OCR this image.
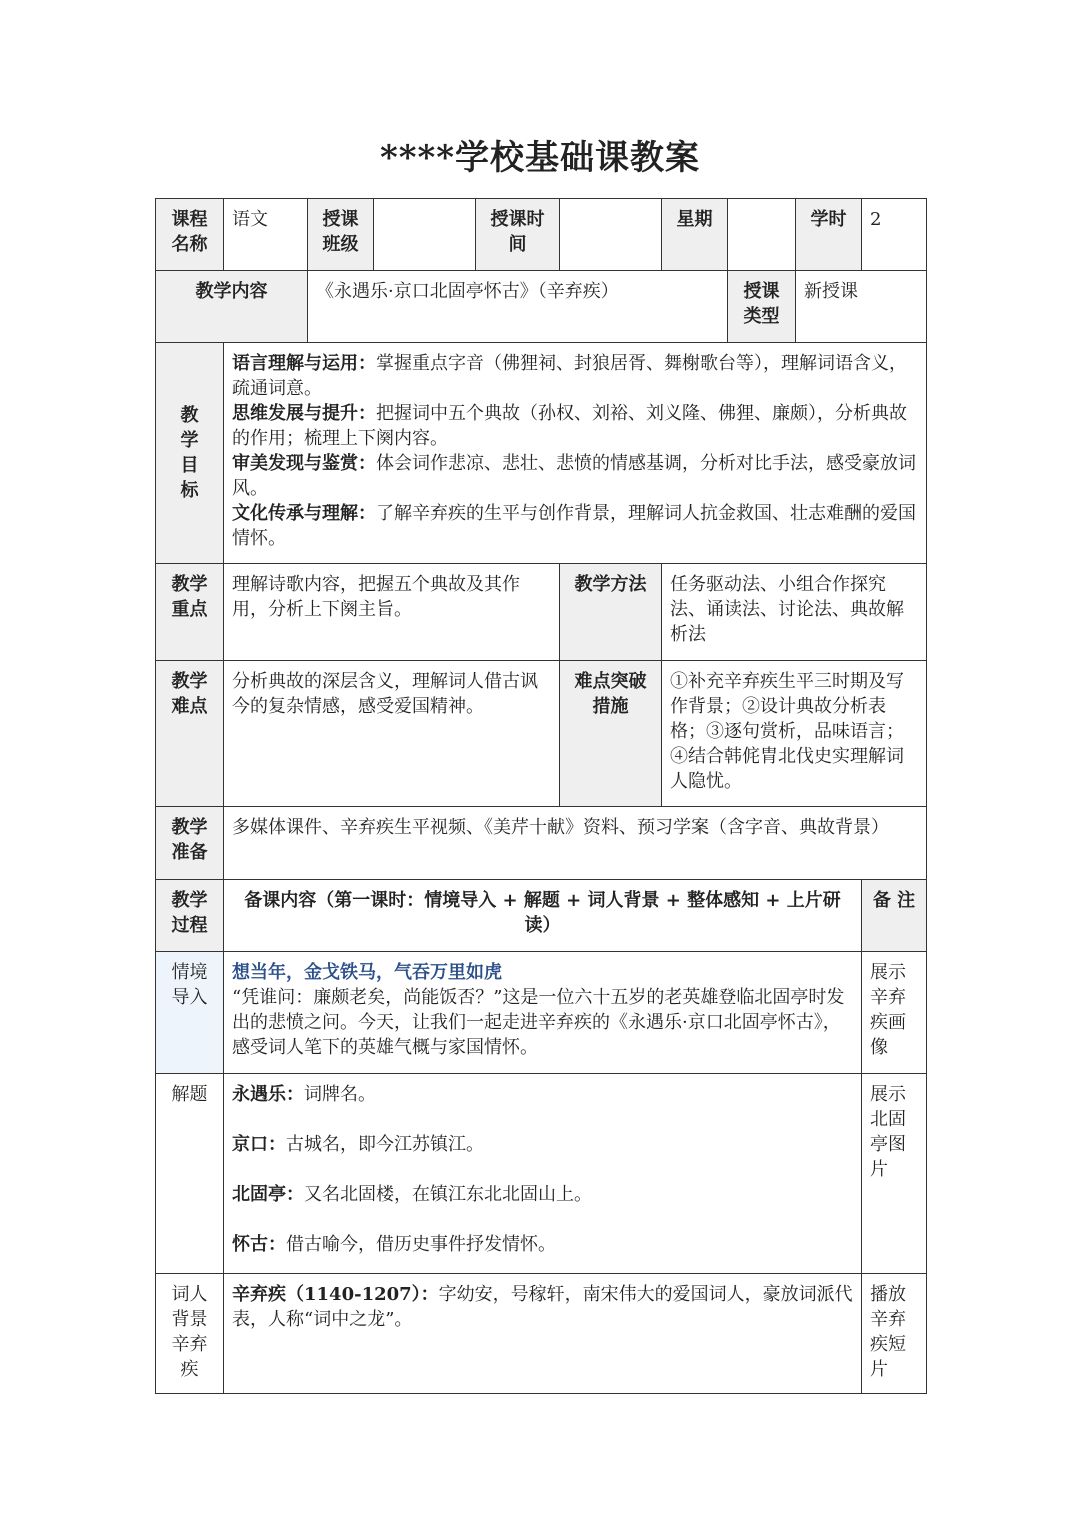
****学校基础课教案
课程名称	语文	授课班级		授课时间		星期		学时	2
教学内容		《永遇乐·京口北固亭怀古》（辛弃疾）					授课类型	新授课	

教学目标	语言理解与运用：掌握重点字音（佛狸祠、封狼居胥、舞榭歌台等），理解词语含义，疏通词意。
思维发展与提升：把握词中五个典故（孙权、刘裕、刘义隆、佛狸、廉颇），分析典故的作用；梳理上下阕内容。
审美发现与鉴赏：体会词作悲凉、悲壮、悲愤的情感基调，分析对比手法，感受豪放词风。
文化传承与理解：了解辛弃疾的生平与创作背景，理解词人抗金救国、壮志难酬的爱国情怀。								

教学重点	理解诗歌内容，把握五个典故及其作用，分析上下阕主旨。				教学方法	任务驱动法、小组合作探究法、诵读法、讨论法、典故解析法			
教学难点	分析典故的深层含义，理解词人借古讽今的复杂情感，感受爱国精神。				难点突破措施	①补充辛弃疾生平三时期及写作背景；②设计典故分析表格；③逐句赏析，品味语言；④结合韩侂胄北伐史实理解词人隐忧。			
教学准备	多媒体课件、辛弃疾生平视频、《美芹十献》资料、预习学案（含字音、典故背景）								
教学过程	备课内容（第一课时：情境导入 + 解题 + 词人背景 + 整体感知 + 上片研读）								备 注
情境导入	想当年，金戈铁马，气吞万里如虎
“凭谁问：廉颇老矣，尚能饭否？”这是一位六十五岁的老英雄登临北固亭时发出的悲愤之问。今天，让我们一起走进辛弃疾的《永遇乐·京口北固亭怀古》，感受词人笔下的英雄气概与家国情怀。								展示辛弃疾画像
解题	永遇乐：词牌名。
京口：古城名，即今江苏镇江。
北固亭：又名北固楼，在镇江东北北固山上。
怀古：借古喻今，借历史事件抒发情怀。								展示北固亭图片
词人背景辛弃疾	辛弃疾（1140-1207）：字幼安，号稼轩，南宋伟大的爱国词人，豪放词派代表，人称“词中之龙”。								播放辛弃疾短片
